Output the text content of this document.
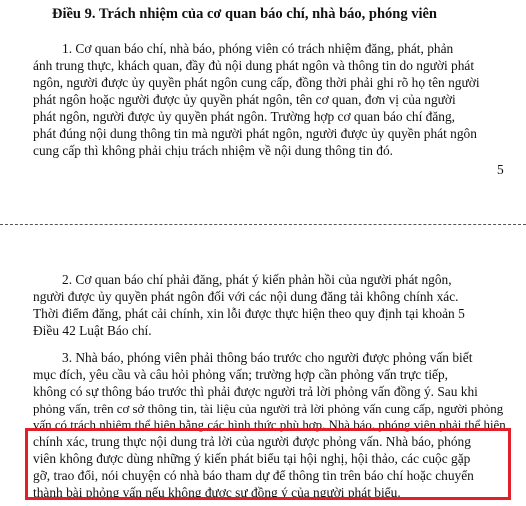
Điều 9. Trách nhiệm của cơ quan báo chí, nhà báo, phóng viên
1. Cơ quan báo chí, nhà báo, phóng viên có trách nhiệm đăng, phát, phản
ánh trung thực, khách quan, đầy đủ nội dung phát ngôn và thông tin do người phát
ngôn, người được ủy quyền phát ngôn cung cấp, đồng thời phải ghi rõ họ tên người
phát ngôn hoặc người được ủy quyền phát ngôn, tên cơ quan, đơn vị của người
phát ngôn, người được ủy quyền phát ngôn. Trường hợp cơ quan báo chí đăng,
phát đúng nội dung thông tin mà người phát ngôn, người được ủy quyền phát ngôn
cung cấp thì không phải chịu trách nhiệm về nội dung thông tin đó.
5
2. Cơ quan báo chí phải đăng, phát ý kiến phản hồi của người phát ngôn,
người được ủy quyền phát ngôn đối với các nội dung đăng tải không chính xác.
Thời điểm đăng, phát cải chính, xin lỗi được thực hiện theo quy định tại khoản 5
Điều 42 Luật Báo chí.
3. Nhà báo, phóng viên phải thông báo trước cho người được phỏng vấn biết
mục đích, yêu cầu và câu hỏi phỏng vấn; trường hợp cần phỏng vấn trực tiếp,
không có sự thông báo trước thì phải được người trả lời phỏng vấn đồng ý. Sau khi
phỏng vấn, trên cơ sở thông tin, tài liệu của người trả lời phỏng vấn cung cấp, người phỏng
vấn có trách nhiệm thể hiện bằng các hình thức phù hợp. Nhà báo, phóng viên phải thể hiện
chính xác, trung thực nội dung trả lời của người được phỏng vấn. Nhà báo, phóng
viên không được dùng những ý kiến phát biểu tại hội nghị, hội thảo, các cuộc gặp
gỡ, trao đổi, nói chuyện có nhà báo tham dự để thông tin trên báo chí hoặc chuyển
thành bài phỏng vấn nếu không được sự đồng ý của người phát biểu.
